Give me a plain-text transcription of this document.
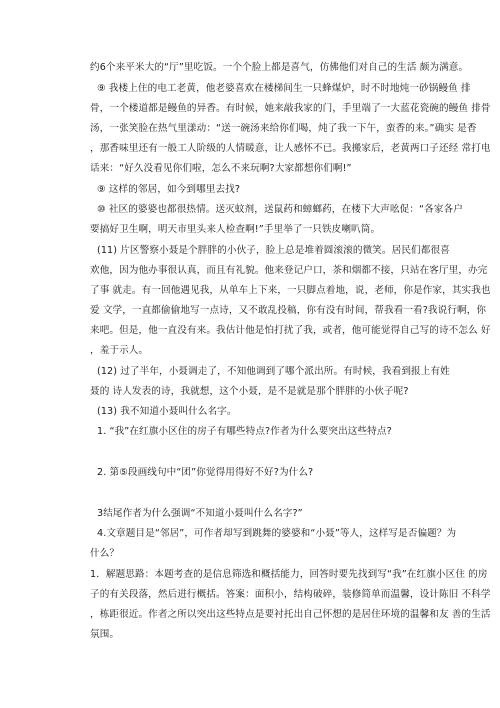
约6个来平米大的“厅”里吃饭。一个个脸上都是喜气，仿佛他们对自己的生活 颇为满意。
⑨ 我楼上住的电工老黄，他老婆喜欢在楼梯间生一只蜂煤炉，时不时地炖一砂锅鳗鱼 排
骨，一个楼道都是鳗鱼的异香。有时候，她来敲我家的门，手里端了一大蓝花瓷碗的鳗鱼 排骨
汤，一张笑脸在热气里漾动：“送一碗汤来给你们喝，炖了我一下午，蛮香的来。”确实 是香
，那香味里还有一般工人阶级的人情暖意，让人感怀不已。我搬家后，老黄两口子还经 常打电
话来：“好久没看见你们啦，怎么不来玩啊?大家都想你们啊!”
⑨ 这样的邻居，如今到哪里去找?
⑩ 社区的婆婆也都很热情。送灭蚊剂，送鼠药和蟑螂药，在楼下大声吆促：“各家各户
要搞好卫生啊，明天市里头来人检查啊!”手里举了一只铁皮喇叭筒。
(11) 片区警察小聂是个胖胖的小伙子，脸上总是堆着圆滚滚的微笑。居民们都很喜
欢他，因为他办事很认真，而且有礼貌。他来登记户口，茶和烟都不接，只站在客厅里，办完
了事 就走。有一回他遇见我，从单车上下来，一只脚点着地，说，老师，你是作家，其实我也
爱 文学，一直都偷偷地写一点诗，又不敢乱投稿，你有没有时间，帮我看一看?我说行啊，你
来吧。但是，他一直没有来。我估计他是怕打扰了我，或者，他可能觉得自己写的诗不怎么 好
，羞于示人。
(12) 过了半年，小聂调走了，不知他调到了哪个派出所。有时候，我看到报上有姓
聂的 诗人发表的诗，我就想，这个小聂，是不是就是那个胖胖的小伙子呢?
(13) 我不知道小聂叫什么名字。
1. “我”在红旗小区住的房子有哪些特点?作者为什么要突出这些特点?
2. 第⑤段画线句中“团”你觉得用得好不好?为什么?
3结尾作者为什么强调“不知道小聂叫什么名字?”
4.文章题目是“邻居”，可作者却写到跳舞的婆婆和“小聂”等人，这样写是否偏题？为
什么？
1．解题思路：本题考查的是信息筛选和概括能力，回答时要先找到写“我”在红旗小区住 的房
子的有关段落，然后进行概括。答案：面积小，结构破碎，装修简单而温馨，设计陈旧 不科学
，栋距很近。作者之所以突出这些特点是要衬托出自己怀想的是居住环境的温馨和友 善的生活
氛围。
